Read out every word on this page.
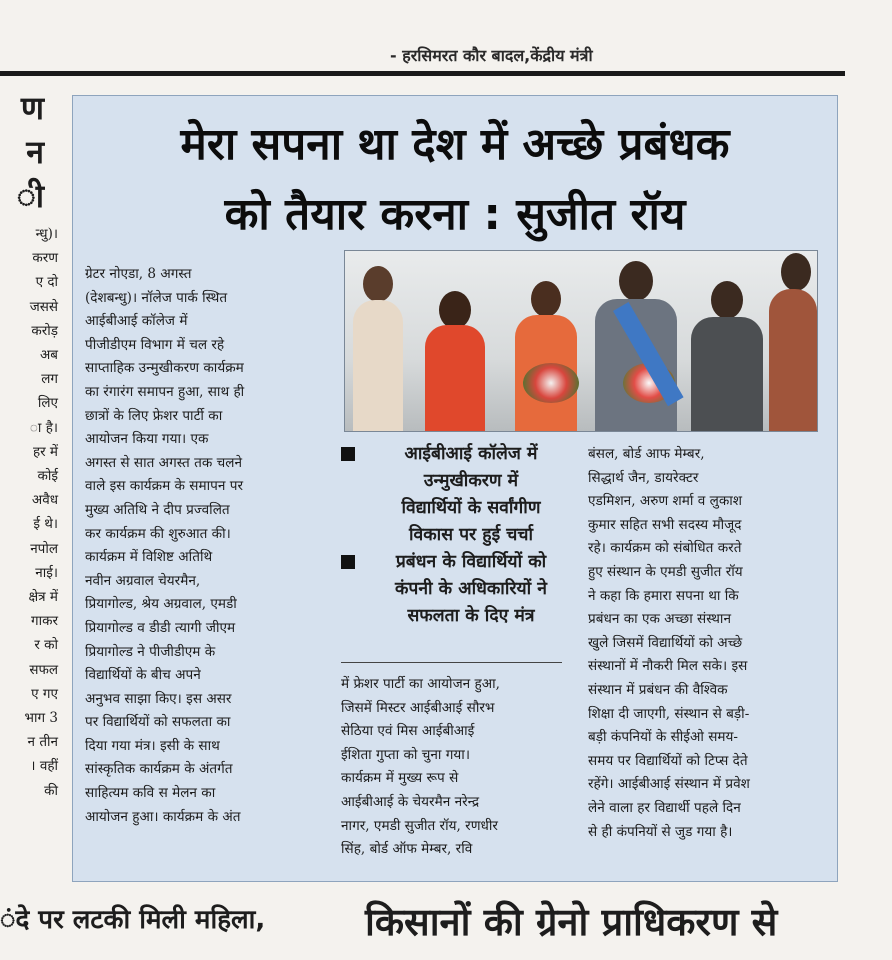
- हरसिमरत कौर बादल,केंद्रीय मंत्री
ण
न
ी
न्धु)।
करण
ए दो
जससे
करोड़
अब
लग
लिए
ा है।
हर में
कोई
अवैध
ई थे।
नपोल
नाई।
क्षेत्र में
गाकर
र को
सफल
ए गए
भाग 3
न तीन
। वहीं
की
मेरा सपना था देश में अच्छे प्रबंधक
को तैयार करना : सुजीत रॉय
ग्रेटर नोएडा, 8 अगस्त
(देशबन्धु)। नॉलेज पार्क स्थित
आईबीआई कॉलेज में
पीजीडीएम विभाग में चल रहे
साप्ताहिक उन्मुखीकरण कार्यक्रम
का रंगारंग समापन हुआ, साथ ही
छात्रों के लिए फ्रेशर पार्टी का
आयोजन किया गया। एक
अगस्त से सात अगस्त तक चलने
वाले इस कार्यक्रम के समापन पर
मुख्य अतिथि ने दीप प्रज्वलित
कर कार्यक्रम की शुरुआत की।
कार्यक्रम में विशिष्ट अतिथि
नवीन अग्रवाल चेयरमैन,
प्रियागोल्ड, श्रेय अग्रवाल, एमडी
प्रियागोल्ड व डीडी त्यागी जीएम
प्रियागोल्ड ने पीजीडीएम के
विद्यार्थियों के बीच अपने
अनुभव साझा किए। इस असर
पर विद्यार्थियों को सफलता का
दिया गया मंत्र। इसी के साथ
सांस्कृतिक कार्यक्रम के अंतर्गत
साहित्यम कवि स मेलन का
आयोजन हुआ। कार्यक्रम के अंत
आईबीआई कॉलेज में
उन्मुखीकरण में
विद्यार्थियों के सर्वांगीण
विकास पर हुई चर्चा
प्रबंधन के विद्यार्थियों को
कंपनी के अधिकारियों ने
सफलता के दिए मंत्र
में फ्रेशर पार्टी का आयोजन हुआ,
जिसमें मिस्टर आईबीआई सौरभ
सेठिया एवं मिस आईबीआई
ईशिता गुप्ता को चुना गया।
कार्यक्रम में मुख्य रूप से
आईबीआई के चेयरमैन नरेन्द्र
नागर, एमडी सुजीत रॉय, रणधीर
सिंह, बोर्ड ऑफ मेम्बर, रवि
बंसल, बोर्ड आफ मेम्बर,
सिद्धार्थ जैन, डायरेक्टर
एडमिशन, अरुण शर्मा व लुकाश
कुमार सहित सभी सदस्य मौजूद
रहे। कार्यक्रम को संबोधित करते
हुए संस्थान के एमडी सुजीत रॉय
ने कहा कि हमारा सपना था कि
प्रबंधन का एक अच्छा संस्थान
खुले जिसमें विद्यार्थियों को अच्छे
संस्थानों में नौकरी मिल सके। इस
संस्थान में प्रबंधन की वैश्विक
शिक्षा दी जाएगी, संस्थान से बड़ी-
बड़ी कंपनियों के सीईओ समय-
समय पर विद्यार्थियों को टिप्स देते
रहेंगे। आईबीआई संस्थान में प्रवेश
लेने वाला हर विद्यार्थी पहले दिन
से ही कंपनियों से जुड गया है।
ंदे पर लटकी मिली महिला,	किसानों की ग्रेनो प्राधिकरण से
